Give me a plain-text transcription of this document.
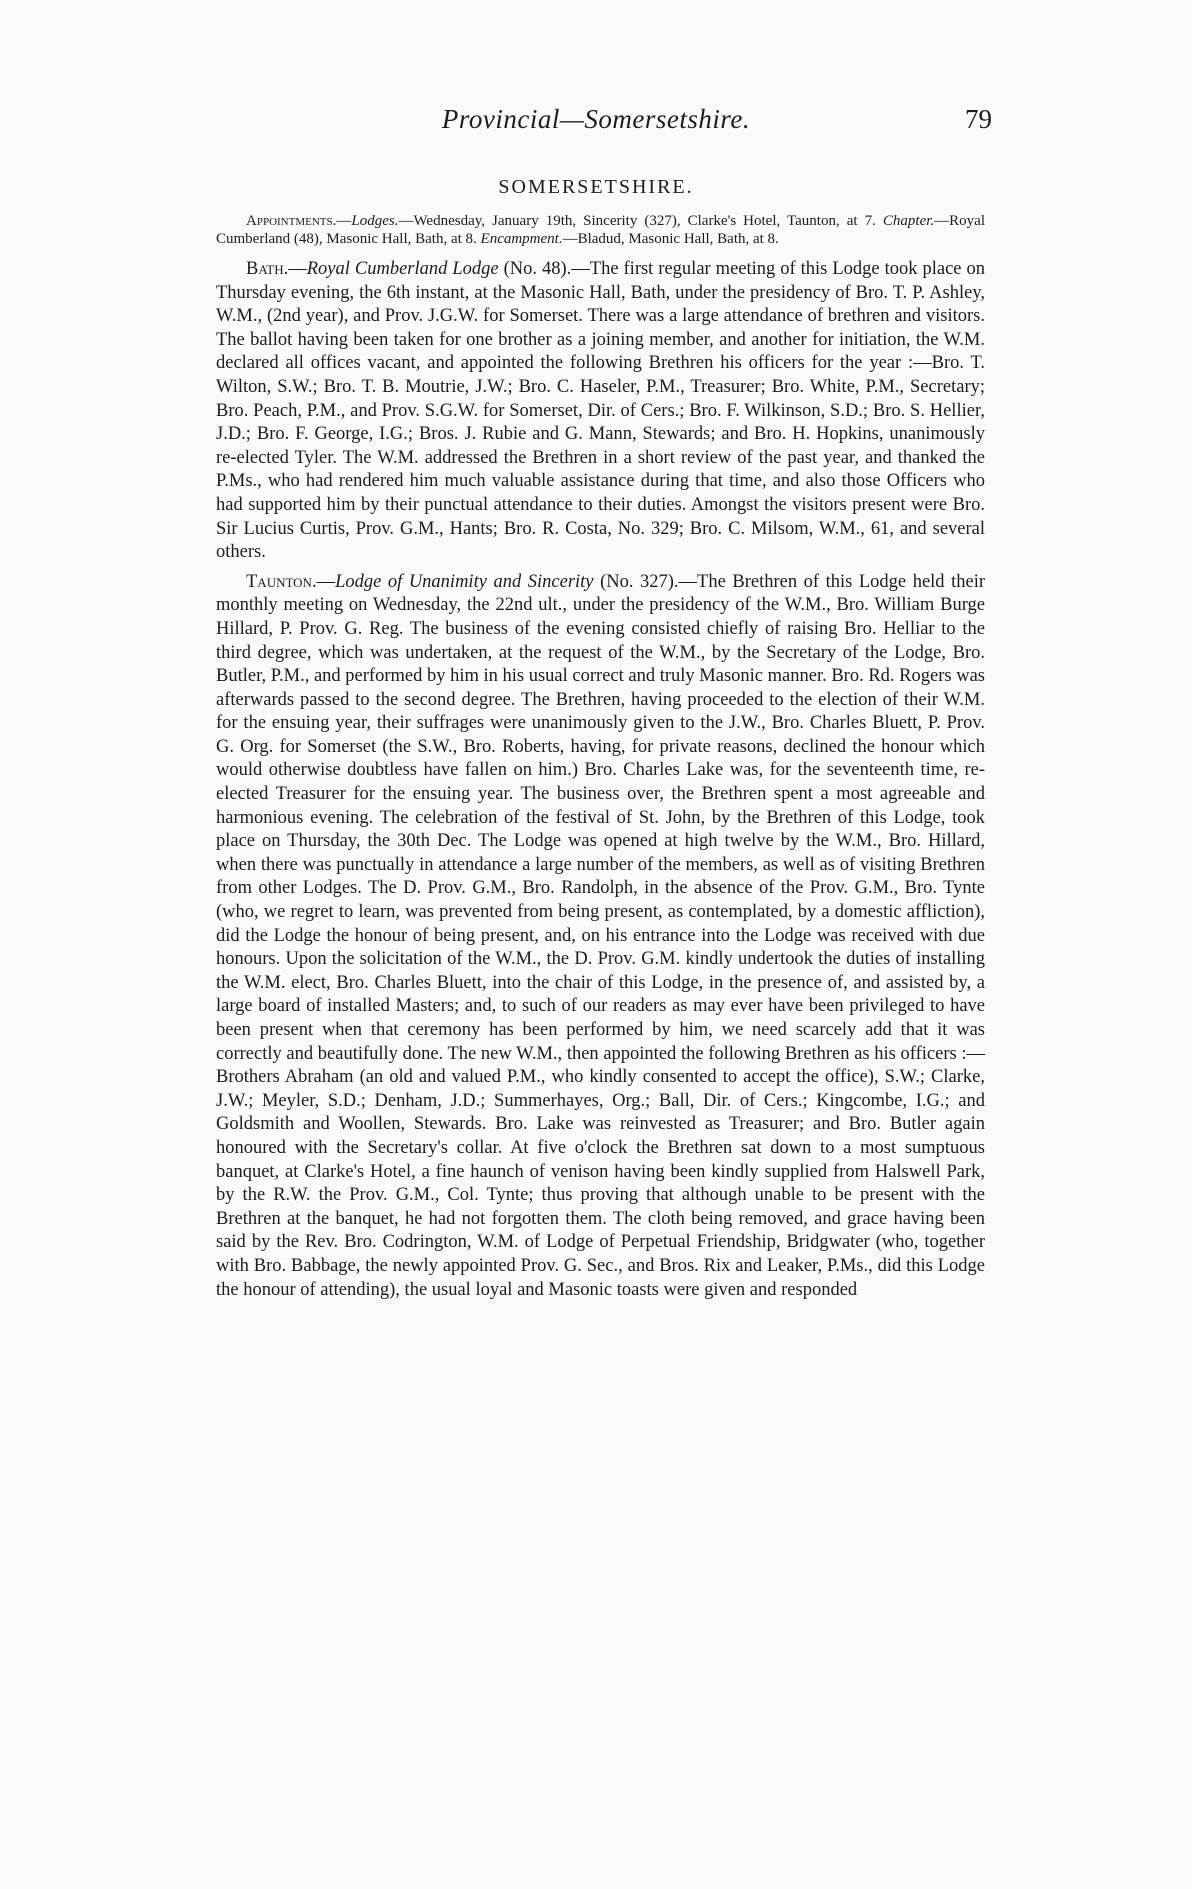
Provincial—Somersetshire.	79
SOMERSETSHIRE.

Appointments.—Lodges.—Wednesday, January 19th, Sincerity (327), Clarke's Hotel, Taunton, at 7. Chapter.—Royal Cumberland (48), Masonic Hall, Bath, at 8. Encampment.—Bladud, Masonic Hall, Bath, at 8.

Bath.—Royal Cumberland Lodge (No. 48).—The first regular meeting of this Lodge took place on Thursday evening, the 6th instant, at the Masonic Hall, Bath, under the presidency of Bro. T. P. Ashley, W.M., (2nd year), and Prov. J.G.W. for Somerset. There was a large attendance of brethren and visitors. The ballot having been taken for one brother as a joining member, and another for initiation, the W.M. declared all offices vacant, and appointed the following Brethren his officers for the year :—Bro. T. Wilton, S.W.; Bro. T. B. Moutrie, J.W.; Bro. C. Haseler, P.M., Treasurer; Bro. White, P.M., Secretary; Bro. Peach, P.M., and Prov. S.G.W. for Somerset, Dir. of Cers.; Bro. F. Wilkinson, S.D.; Bro. S. Hellier, J.D.; Bro. F. George, I.G.; Bros. J. Rubie and G. Mann, Stewards; and Bro. H. Hopkins, unanimously re-elected Tyler. The W.M. addressed the Brethren in a short review of the past year, and thanked the P.Ms., who had rendered him much valuable assistance during that time, and also those Officers who had supported him by their punctual attendance to their duties. Amongst the visitors present were Bro. Sir Lucius Curtis, Prov. G.M., Hants; Bro. R. Costa, No. 329; Bro. C. Milsom, W.M., 61, and several others.

Taunton.—Lodge of Unanimity and Sincerity (No. 327).—The Brethren of this Lodge held their monthly meeting on Wednesday, the 22nd ult., under the presidency of the W.M., Bro. William Burge Hillard, P. Prov. G. Reg. The business of the evening consisted chiefly of raising Bro. Helliar to the third degree, which was undertaken, at the request of the W.M., by the Secretary of the Lodge, Bro. Butler, P.M., and performed by him in his usual correct and truly Masonic manner. Bro. Rd. Rogers was afterwards passed to the second degree. The Brethren, having proceeded to the election of their W.M. for the ensuing year, their suffrages were unanimously given to the J.W., Bro. Charles Bluett, P. Prov. G. Org. for Somerset (the S.W., Bro. Roberts, having, for private reasons, declined the honour which would otherwise doubtless have fallen on him.) Bro. Charles Lake was, for the seventeenth time, re-elected Treasurer for the ensuing year. The business over, the Brethren spent a most agreeable and harmonious evening. The celebration of the festival of St. John, by the Brethren of this Lodge, took place on Thursday, the 30th Dec. The Lodge was opened at high twelve by the W.M., Bro. Hillard, when there was punctually in attendance a large number of the members, as well as of visiting Brethren from other Lodges. The D. Prov. G.M., Bro. Randolph, in the absence of the Prov. G.M., Bro. Tynte (who, we regret to learn, was prevented from being present, as contemplated, by a domestic affliction), did the Lodge the honour of being present, and, on his entrance into the Lodge was received with due honours. Upon the solicitation of the W.M., the D. Prov. G.M. kindly undertook the duties of installing the W.M. elect, Bro. Charles Bluett, into the chair of this Lodge, in the presence of, and assisted by, a large board of installed Masters; and, to such of our readers as may ever have been privileged to have been present when that ceremony has been performed by him, we need scarcely add that it was correctly and beautifully done. The new W.M., then appointed the following Brethren as his officers :—Brothers Abraham (an old and valued P.M., who kindly consented to accept the office), S.W.; Clarke, J.W.; Meyler, S.D.; Denham, J.D.; Summerhayes, Org.; Ball, Dir. of Cers.; Kingcombe, I.G.; and Goldsmith and Woollen, Stewards. Bro. Lake was reinvested as Treasurer; and Bro. Butler again honoured with the Secretary's collar. At five o'clock the Brethren sat down to a most sumptuous banquet, at Clarke's Hotel, a fine haunch of venison having been kindly supplied from Halswell Park, by the R.W. the Prov. G.M., Col. Tynte; thus proving that although unable to be present with the Brethren at the banquet, he had not forgotten them. The cloth being removed, and grace having been said by the Rev. Bro. Codrington, W.M. of Lodge of Perpetual Friendship, Bridgwater (who, together with Bro. Babbage, the newly appointed Prov. G. Sec., and Bros. Rix and Leaker, P.Ms., did this Lodge the honour of attending), the usual loyal and Masonic toasts were given and responded
